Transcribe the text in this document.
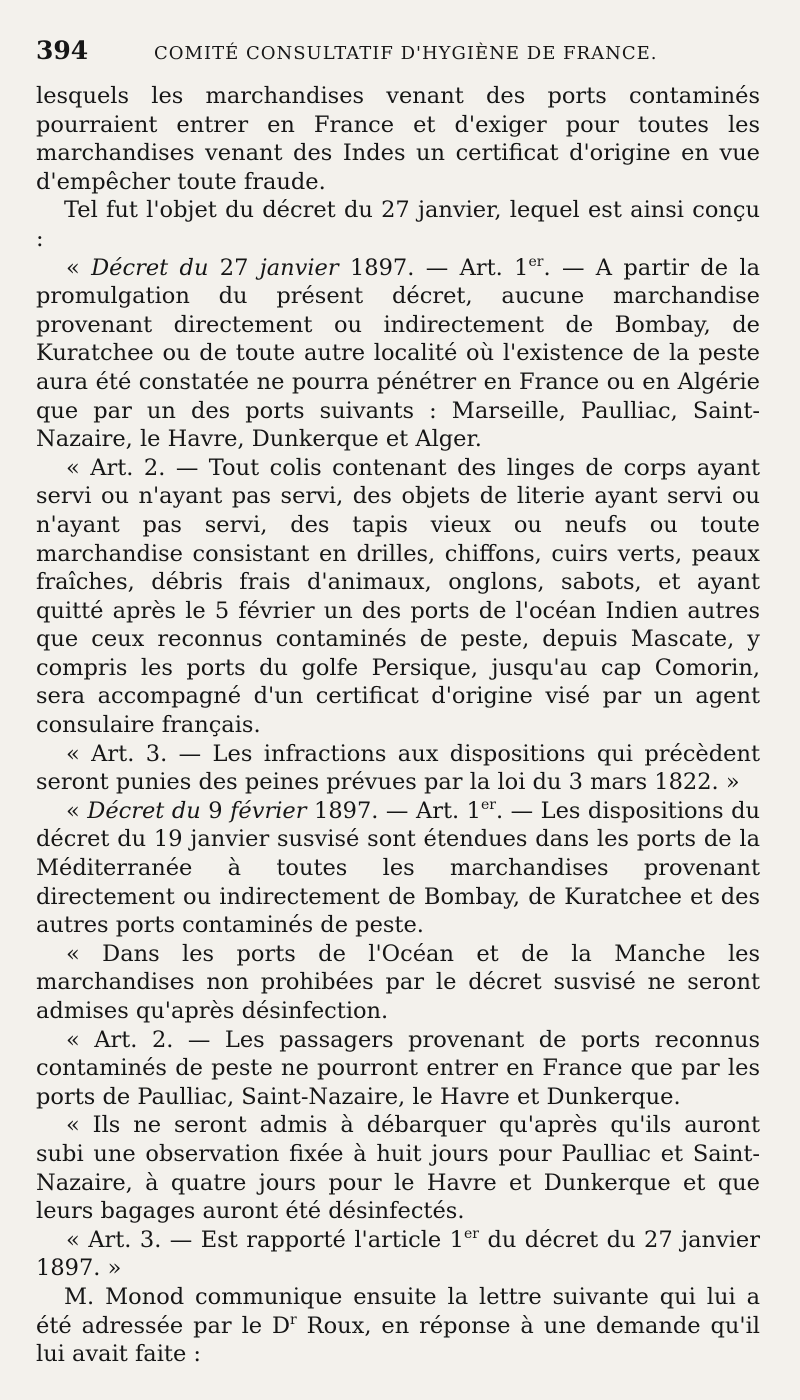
394	COMITÉ CONSULTATIF D'HYGIÈNE DE FRANCE.

lesquels les marchandises venant des ports contaminés pourraient entrer en France et d'exiger pour toutes les marchandises venant des Indes un certificat d'origine en vue d'empêcher toute fraude.

Tel fut l'objet du décret du 27 janvier, lequel est ainsi conçu :

« Décret du 27 janvier 1897. — Art. 1er. — A partir de la promulgation du présent décret, aucune marchandise provenant directement ou indirectement de Bombay, de Kuratchee ou de toute autre localité où l'existence de la peste aura été constatée ne pourra pénétrer en France ou en Algérie que par un des ports suivants : Marseille, Paulliac, Saint-Nazaire, le Havre, Dunkerque et Alger.

« Art. 2. — Tout colis contenant des linges de corps ayant servi ou n'ayant pas servi, des objets de literie ayant servi ou n'ayant pas servi, des tapis vieux ou neufs ou toute marchandise consistant en drilles, chiffons, cuirs verts, peaux fraîches, débris frais d'animaux, onglons, sabots, et ayant quitté après le 5 février un des ports de l'océan Indien autres que ceux reconnus contaminés de peste, depuis Mascate, y compris les ports du golfe Persique, jusqu'au cap Comorin, sera accompagné d'un certificat d'origine visé par un agent consulaire français.

« Art. 3. — Les infractions aux dispositions qui précèdent seront punies des peines prévues par la loi du 3 mars 1822. »

« Décret du 9 février 1897. — Art. 1er. — Les dispositions du décret du 19 janvier susvisé sont étendues dans les ports de la Méditerranée à toutes les marchandises provenant directement ou indirectement de Bombay, de Kuratchee et des autres ports contaminés de peste.

« Dans les ports de l'Océan et de la Manche les marchandises non prohibées par le décret susvisé ne seront admises qu'après désinfection.

« Art. 2. — Les passagers provenant de ports reconnus contaminés de peste ne pourront entrer en France que par les ports de Paulliac, Saint-Nazaire, le Havre et Dunkerque.

« Ils ne seront admis à débarquer qu'après qu'ils auront subi une observation fixée à huit jours pour Paulliac et Saint-Nazaire, à quatre jours pour le Havre et Dunkerque et que leurs bagages auront été désinfectés.

« Art. 3. — Est rapporté l'article 1er du décret du 27 janvier 1897. »

M. Monod communique ensuite la lettre suivante qui lui a été adressée par le $D^r$ Roux, en réponse à une demande qu'il lui avait faite :
